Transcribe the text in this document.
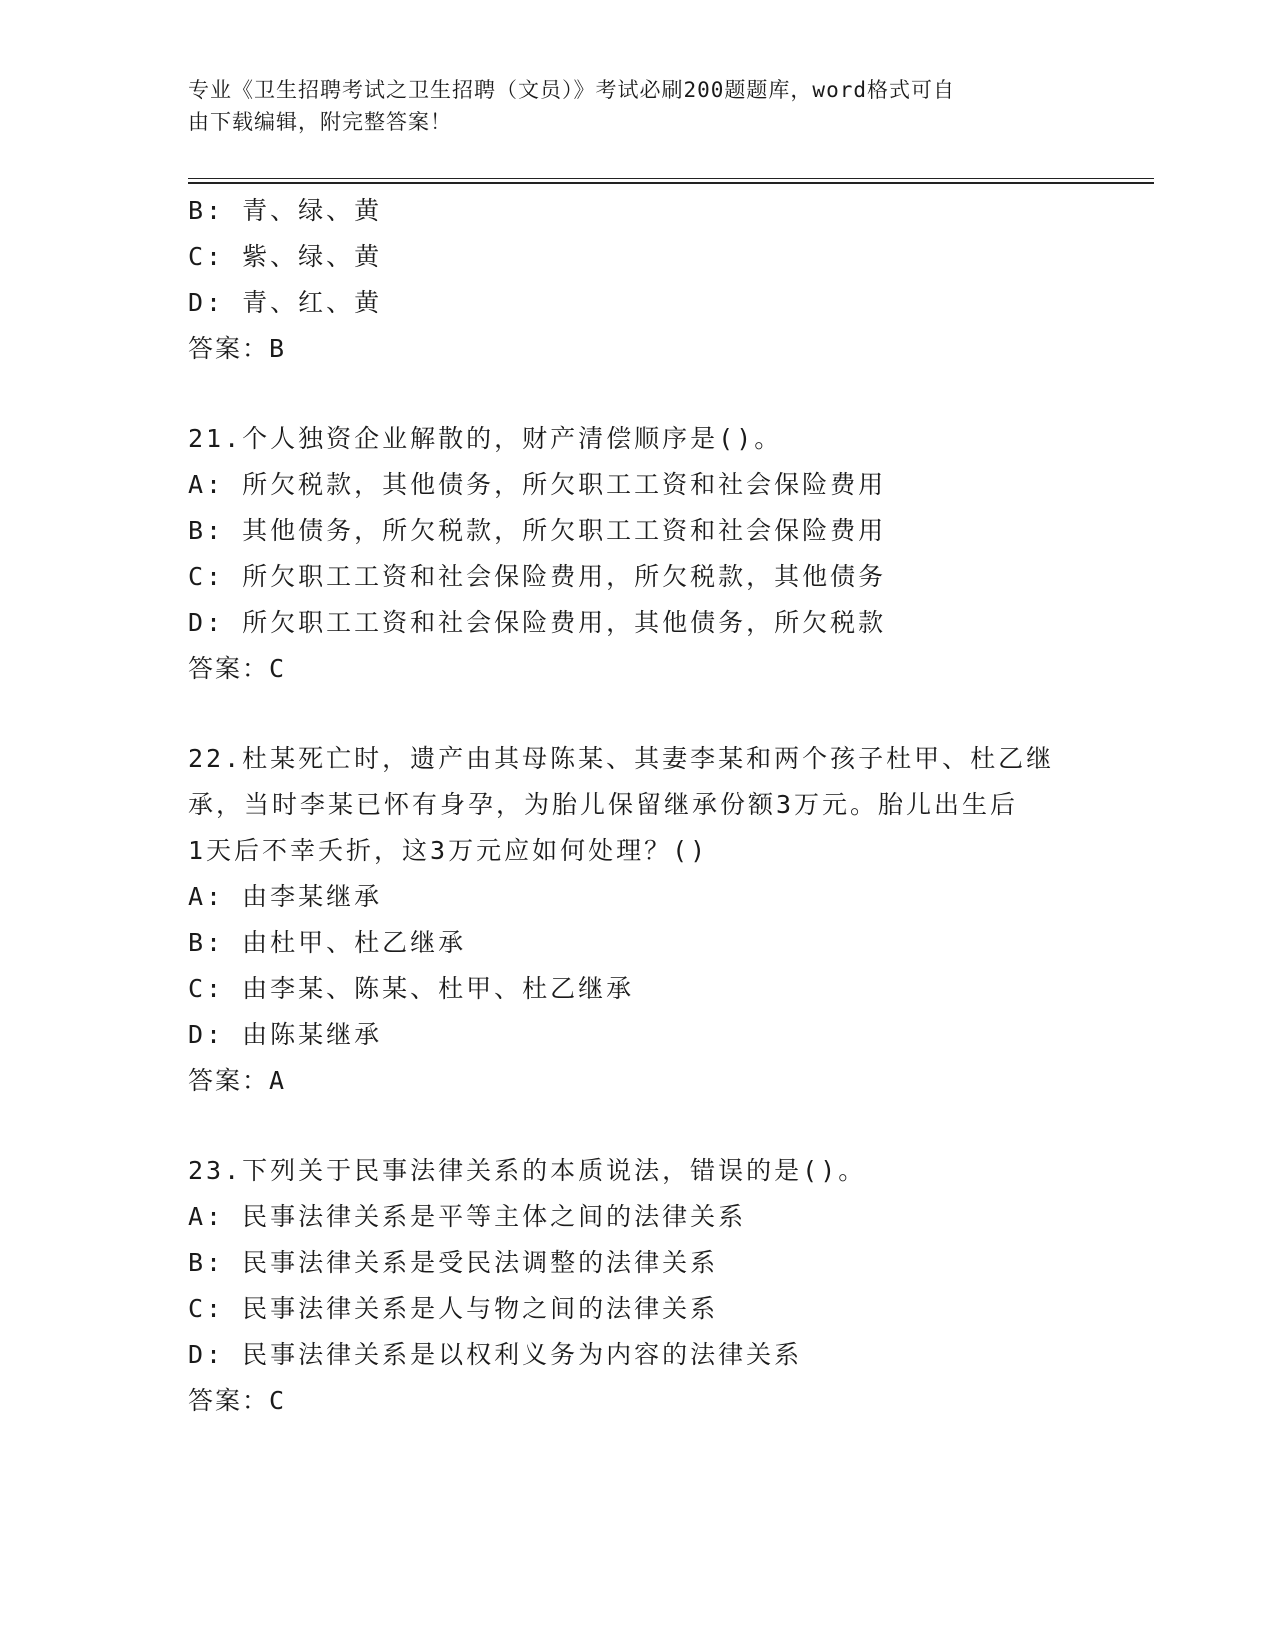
专业《卫生招聘考试之卫生招聘（文员）》考试必刷200题题库，word格式可自
由下载编辑，附完整答案！
B: 青、绿、黄
C: 紫、绿、黄
D: 青、红、黄
答案：B
21.个人独资企业解散的，财产清偿顺序是()。
A: 所欠税款，其他债务，所欠职工工资和社会保险费用
B: 其他债务，所欠税款，所欠职工工资和社会保险费用
C: 所欠职工工资和社会保险费用，所欠税款，其他债务
D: 所欠职工工资和社会保险费用，其他债务，所欠税款
答案：C
22.杜某死亡时，遗产由其母陈某、其妻李某和两个孩子杜甲、杜乙继
承，当时李某已怀有身孕，为胎儿保留继承份额3万元。胎儿出生后
1天后不幸夭折，这3万元应如何处理？()
A: 由李某继承
B: 由杜甲、杜乙继承
C: 由李某、陈某、杜甲、杜乙继承
D: 由陈某继承
答案：A
23.下列关于民事法律关系的本质说法，错误的是()。
A: 民事法律关系是平等主体之间的法律关系
B: 民事法律关系是受民法调整的法律关系
C: 民事法律关系是人与物之间的法律关系
D: 民事法律关系是以权利义务为内容的法律关系
答案：C
